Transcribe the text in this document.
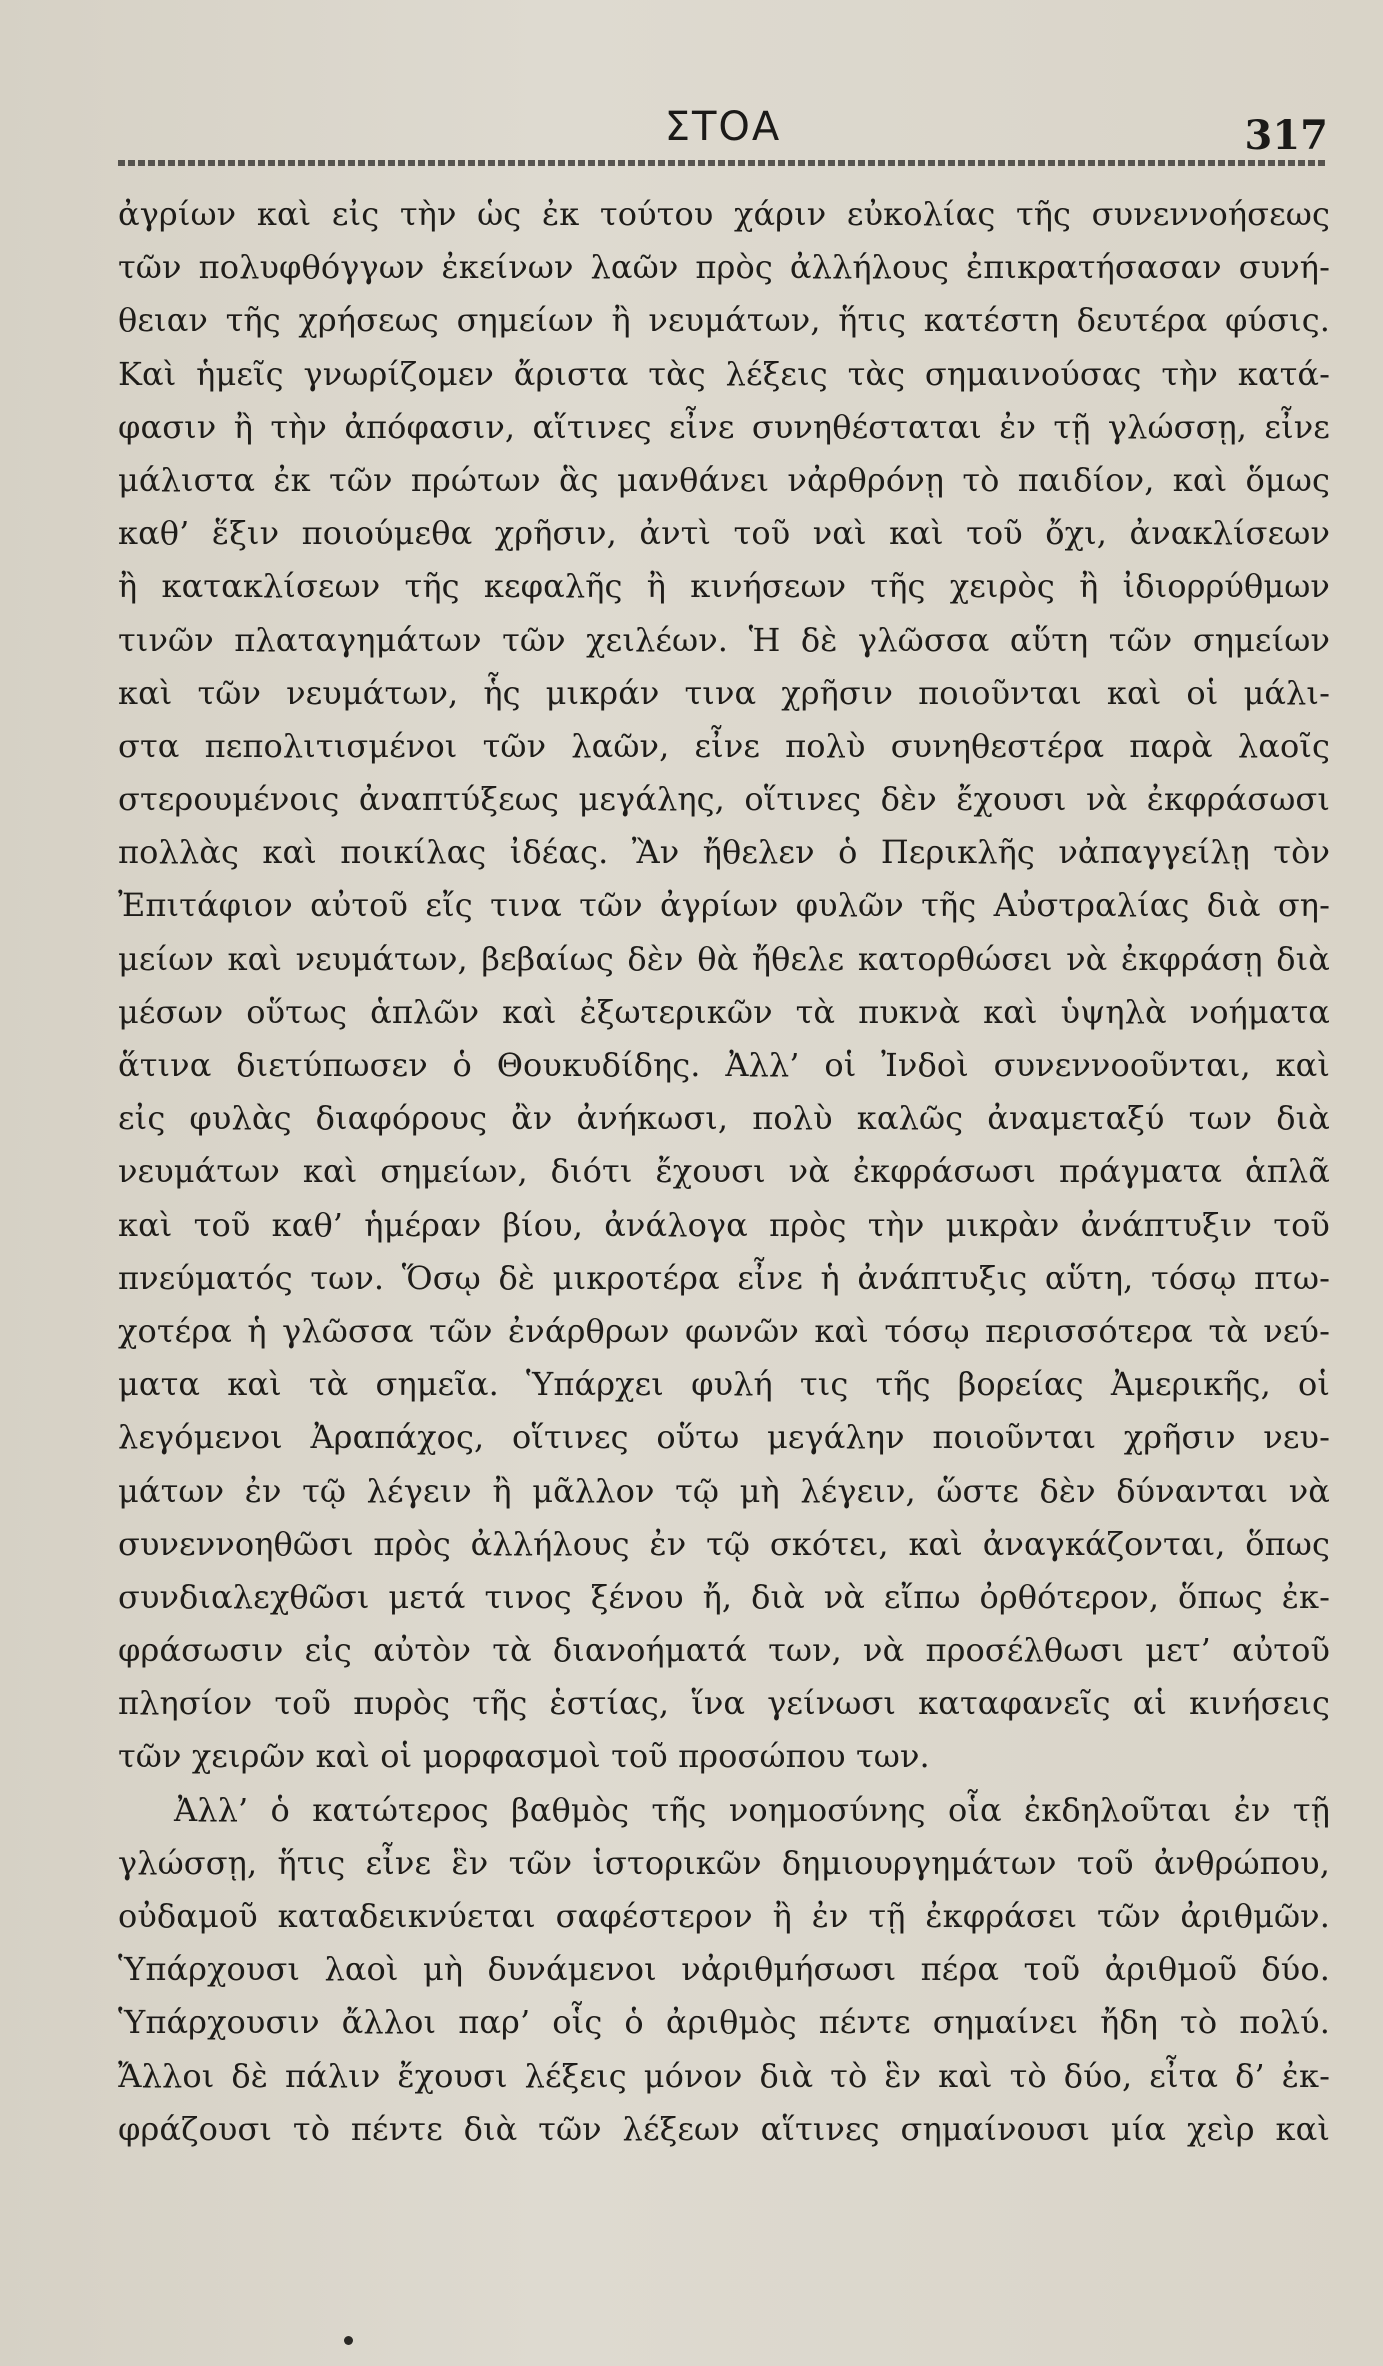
ΣΤΟΑ	317
ἀγρίων καὶ εἰς τὴν ὡς ἐκ τούτου χάριν εὐκολίας τῆς συνεννοήσεως
τῶν πολυφθόγγων ἐκείνων λαῶν πρὸς ἀλλήλους ἐπικρατήσασαν συνή-
θειαν τῆς χρήσεως σημείων ἢ νευμάτων, ἥτις κατέστη δευτέρα φύσις.
Καὶ ἡμεῖς γνωρίζομεν ἄριστα τὰς λέξεις τὰς σημαινούσας τὴν κατά-
φασιν ἢ τὴν ἀπόφασιν, αἵτινες εἶνε συνηθέσταται ἐν τῇ γλώσσῃ, εἶνε
μάλιστα ἐκ τῶν πρώτων ἃς μανθάνει νἀρθρόνῃ τὸ παιδίον, καὶ ὅμως
καθ’ ἕξιν ποιούμεθα χρῆσιν, ἀντὶ τοῦ ναὶ καὶ τοῦ ὄχι, ἀνακλίσεων
ἢ κατακλίσεων τῆς κεφαλῆς ἢ κινήσεων τῆς χειρὸς ἢ ἰδιορρύθμων
τινῶν πλαταγημάτων τῶν χειλέων. Ἡ δὲ γλῶσσα αὕτη τῶν σημείων
καὶ τῶν νευμάτων, ἧς μικράν τινα χρῆσιν ποιοῦνται καὶ οἱ μάλι-
στα πεπολιτισμένοι τῶν λαῶν, εἶνε πολὺ συνηθεστέρα παρὰ λαοῖς
στερουμένοις ἀναπτύξεως μεγάλης, οἵτινες δὲν ἔχουσι νὰ ἐκφράσωσι
πολλὰς καὶ ποικίλας ἰδέας. Ἂν ἤθελεν ὁ Περικλῆς νἀπαγγείλῃ τὸν
Ἐπιτάφιον αὐτοῦ εἴς τινα τῶν ἀγρίων φυλῶν τῆς Αὐστραλίας διὰ ση-
μείων καὶ νευμάτων, βεβαίως δὲν θὰ ἤθελε κατορθώσει νὰ ἐκφράσῃ διὰ
μέσων οὕτως ἁπλῶν καὶ ἐξωτερικῶν τὰ πυκνὰ καὶ ὑψηλὰ νοήματα
ἅτινα διετύπωσεν ὁ Θουκυδίδης. Ἀλλ’ οἱ Ἰνδοὶ συνεννοοῦνται, καὶ
εἰς φυλὰς διαφόρους ἂν ἀνήκωσι, πολὺ καλῶς ἀναμεταξύ των διὰ
νευμάτων καὶ σημείων, διότι ἔχουσι νὰ ἐκφράσωσι πράγματα ἁπλᾶ
καὶ τοῦ καθ’ ἡμέραν βίου, ἀνάλογα πρὸς τὴν μικρὰν ἀνάπτυξιν τοῦ
πνεύματός των. Ὅσῳ δὲ μικροτέρα εἶνε ἡ ἀνάπτυξις αὕτη, τόσῳ πτω-
χοτέρα ἡ γλῶσσα τῶν ἐνάρθρων φωνῶν καὶ τόσῳ περισσότερα τὰ νεύ-
ματα καὶ τὰ σημεῖα. Ὑπάρχει φυλή τις τῆς βορείας Ἀμερικῆς, οἱ
λεγόμενοι Ἀραπάχος, οἵτινες οὕτω μεγάλην ποιοῦνται χρῆσιν νευ-
μάτων ἐν τῷ λέγειν ἢ μᾶλλον τῷ μὴ λέγειν, ὥστε δὲν δύνανται νὰ
συνεννοηθῶσι πρὸς ἀλλήλους ἐν τῷ σκότει, καὶ ἀναγκάζονται, ὅπως
συνδιαλεχθῶσι μετά τινος ξένου ἤ, διὰ νὰ εἴπω ὀρθότερον, ὅπως ἐκ-
φράσωσιν εἰς αὐτὸν τὰ διανοήματά των, νὰ προσέλθωσι μετ’ αὐτοῦ
πλησίον τοῦ πυρὸς τῆς ἑστίας, ἵνα γείνωσι καταφανεῖς αἱ κινήσεις
τῶν χειρῶν καὶ οἱ μορφασμοὶ τοῦ προσώπου των.
Ἀλλ’ ὁ κατώτερος βαθμὸς τῆς νοημοσύνης οἷα ἐκδηλοῦται ἐν τῇ
γλώσσῃ, ἥτις εἶνε ἓν τῶν ἱστορικῶν δημιουργημάτων τοῦ ἀνθρώπου,
οὐδαμοῦ καταδεικνύεται σαφέστερον ἢ ἐν τῇ ἐκφράσει τῶν ἀριθμῶν.
Ὑπάρχουσι λαοὶ μὴ δυνάμενοι νἀριθμήσωσι πέρα τοῦ ἀριθμοῦ δύο.
Ὑπάρχουσιν ἄλλοι παρ’ οἷς ὁ ἀριθμὸς πέντε σημαίνει ἤδη τὸ πολύ.
Ἄλλοι δὲ πάλιν ἔχουσι λέξεις μόνον διὰ τὸ ἓν καὶ τὸ δύο, εἶτα δ’ ἐκ-
φράζουσι τὸ πέντε διὰ τῶν λέξεων αἵτινες σημαίνουσι μία χεὶρ καὶ
